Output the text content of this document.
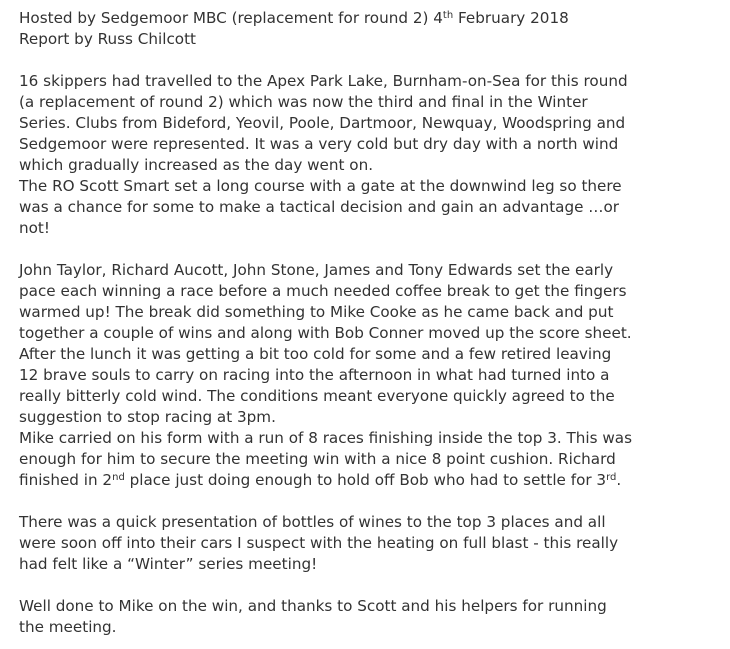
Hosted by Sedgemoor MBC (replacement for round 2) 4th February 2018
Report by Russ Chilcott
16 skippers had travelled to the Apex Park Lake, Burnham-on-Sea for this round
(a replacement of round 2) which was now the third and final in the Winter
Series. Clubs from Bideford, Yeovil, Poole, Dartmoor, Newquay, Woodspring and
Sedgemoor were represented. It was a very cold but dry day with a north wind
which gradually increased as the day went on.
The RO Scott Smart set a long course with a gate at the downwind leg so there
was a chance for some to make a tactical decision and gain an advantage …or
not!
John Taylor, Richard Aucott, John Stone, James and Tony Edwards set the early
pace each winning a race before a much needed coffee break to get the fingers
warmed up! The break did something to Mike Cooke as he came back and put
together a couple of wins and along with Bob Conner moved up the score sheet.
After the lunch it was getting a bit too cold for some and a few retired leaving
12 brave souls to carry on racing into the afternoon in what had turned into a
really bitterly cold wind. The conditions meant everyone quickly agreed to the
suggestion to stop racing at 3pm.
Mike carried on his form with a run of 8 races finishing inside the top 3. This was
enough for him to secure the meeting win with a nice 8 point cushion. Richard
finished in 2nd place just doing enough to hold off Bob who had to settle for 3rd.
There was a quick presentation of bottles of wines to the top 3 places and all
were soon off into their cars I suspect with the heating on full blast - this really
had felt like a “Winter” series meeting!
Well done to Mike on the win, and thanks to Scott and his helpers for running
the meeting.
